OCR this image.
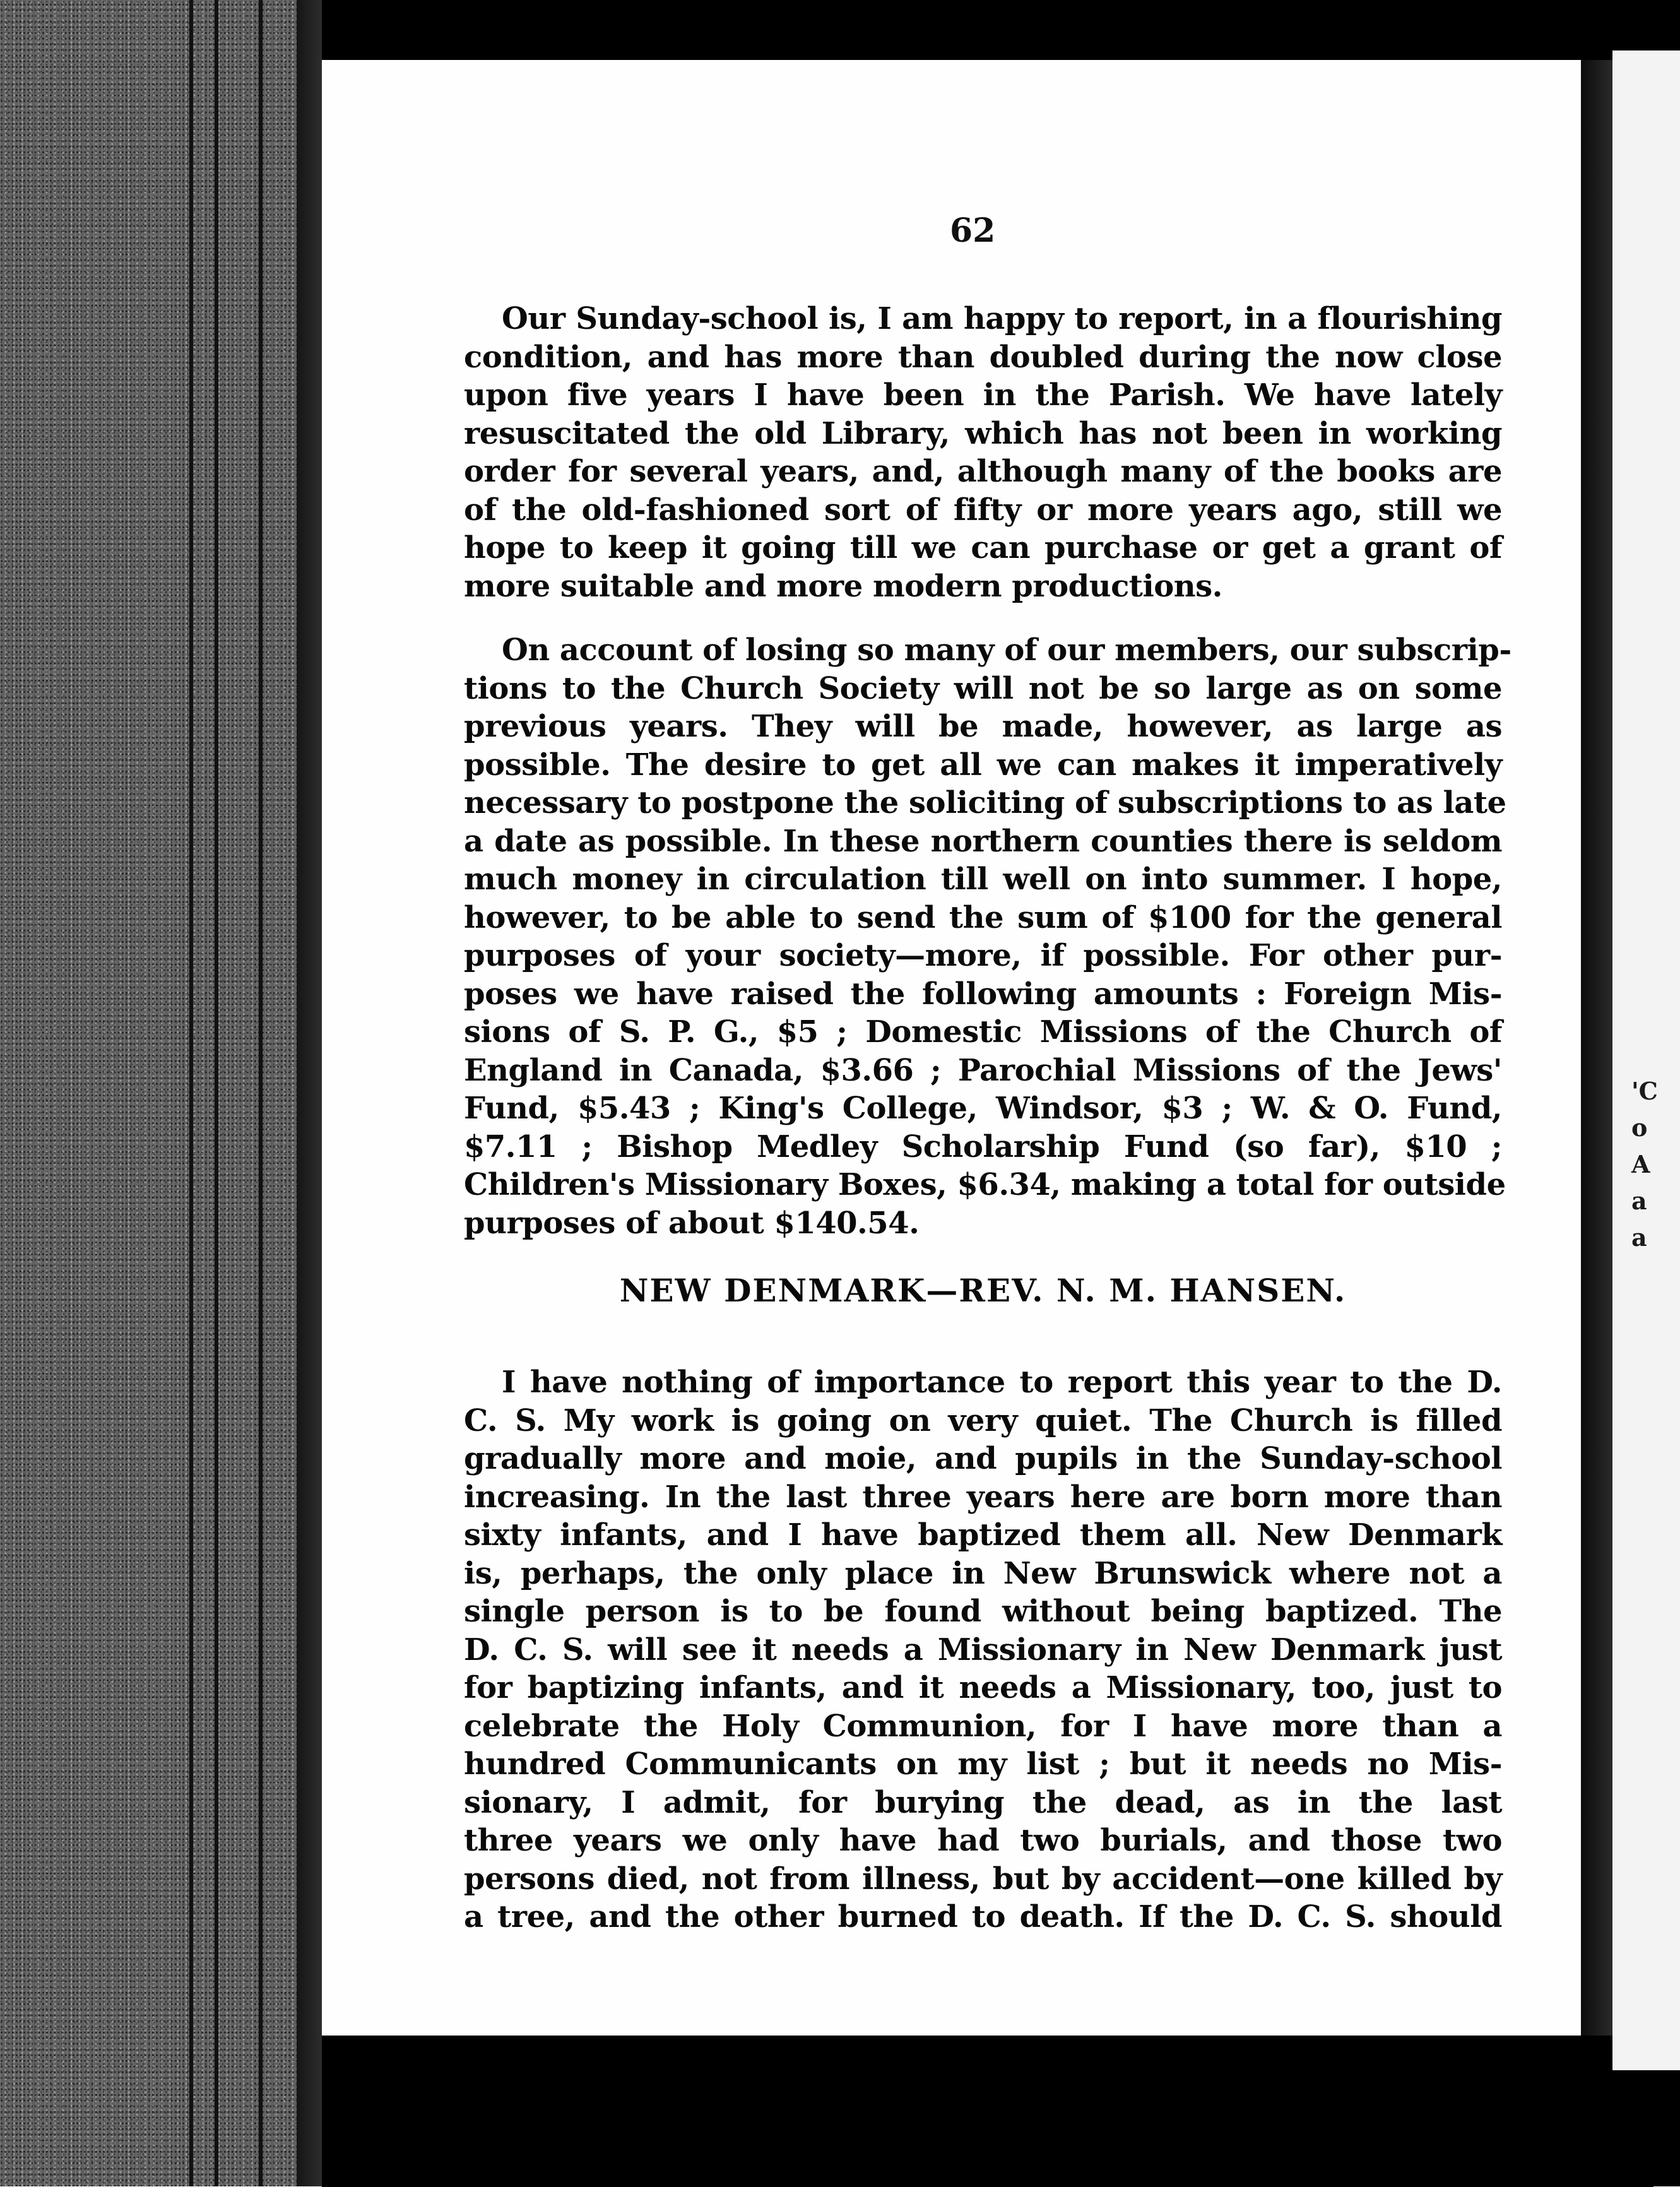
'C
o
A
a
a
62
Our Sunday-school is, I am happy to report, in a flourishing
condition, and has more than doubled during the now close
upon five years I have been in the Parish. We have lately
resuscitated the old Library, which has not been in working
order for several years, and, although many of the books are
of the old-fashioned sort of fifty or more years ago, still we
hope to keep it going till we can purchase or get a grant of
more suitable and more modern productions.
On account of losing so many of our members, our subscrip-
tions to the Church Society will not be so large as on some
previous years. They will be made, however, as large as
possible. The desire to get all we can makes it imperatively
necessary to postpone the soliciting of subscriptions to as late
a date as possible. In these northern counties there is seldom
much money in circulation till well on into summer. I hope,
however, to be able to send the sum of $100 for the general
purposes of your society—more, if possible. For other pur-
poses we have raised the following amounts : Foreign Mis-
sions of S. P. G., $5 ; Domestic Missions of the Church of
England in Canada, $3.66 ; Parochial Missions of the Jews'
Fund, $5.43 ; King's College, Windsor, $3 ; W. & O. Fund,
$7.11 ; Bishop Medley Scholarship Fund (so far), $10 ;
Children's Missionary Boxes, $6.34, making a total for outside
purposes of about $140.54.
NEW DENMARK—REV. N. M. HANSEN.
I have nothing of importance to report this year to the D.
C. S. My work is going on very quiet. The Church is filled
gradually more and moie, and pupils in the Sunday-school
increasing. In the last three years here are born more than
sixty infants, and I have baptized them all. New Denmark
is, perhaps, the only place in New Brunswick where not a
single person is to be found without being baptized. The
D. C. S. will see it needs a Missionary in New Denmark just
for baptizing infants, and it needs a Missionary, too, just to
celebrate the Holy Communion, for I have more than a
hundred Communicants on my list ; but it needs no Mis-
sionary, I admit, for burying the dead, as in the last
three years we only have had two burials, and those two
persons died, not from illness, but by accident—one killed by
a tree, and the other burned to death. If the D. C. S. should
